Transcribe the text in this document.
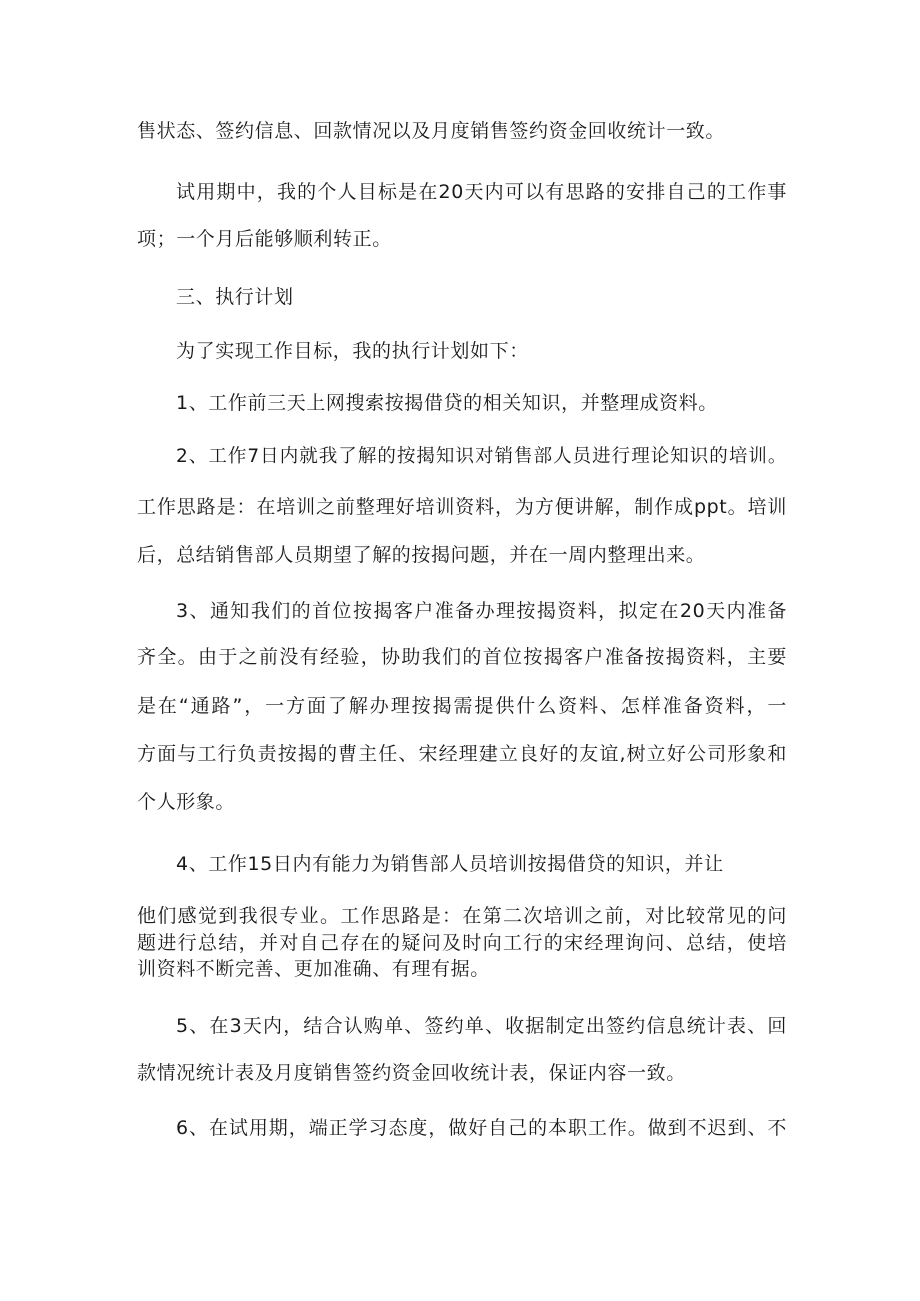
售状态、签约信息、回款情况以及月度销售签约资金回收统计一致。
试用期中，我的个人目标是在20天内可以有思路的安排自己的工作事
项；一个月后能够顺利转正。
三、执行计划
为了实现工作目标，我的执行计划如下：
1、工作前三天上网搜索按揭借贷的相关知识，并整理成资料。
2、工作7日内就我了解的按揭知识对销售部人员进行理论知识的培训。
工作思路是：在培训之前整理好培训资料，为方便讲解，制作成ppt。培训
后，总结销售部人员期望了解的按揭问题，并在一周内整理出来。
3、通知我们的首位按揭客户准备办理按揭资料，拟定在20天内准备
齐全。由于之前没有经验，协助我们的首位按揭客户准备按揭资料，主要
是在“通路”，一方面了解办理按揭需提供什么资料、怎样准备资料，一
方面与工行负责按揭的曹主任、宋经理建立良好的友谊,树立好公司形象和
个人形象。
4、工作15日内有能力为销售部人员培训按揭借贷的知识，并让
他们感觉到我很专业。工作思路是：在第二次培训之前，对比较常见的问
题进行总结，并对自己存在的疑问及时向工行的宋经理询问、总结，使培
训资料不断完善、更加准确、有理有据。
5、在3天内，结合认购单、签约单、收据制定出签约信息统计表、回
款情况统计表及月度销售签约资金回收统计表，保证内容一致。
6、在试用期，端正学习态度，做好自己的本职工作。做到不迟到、不
